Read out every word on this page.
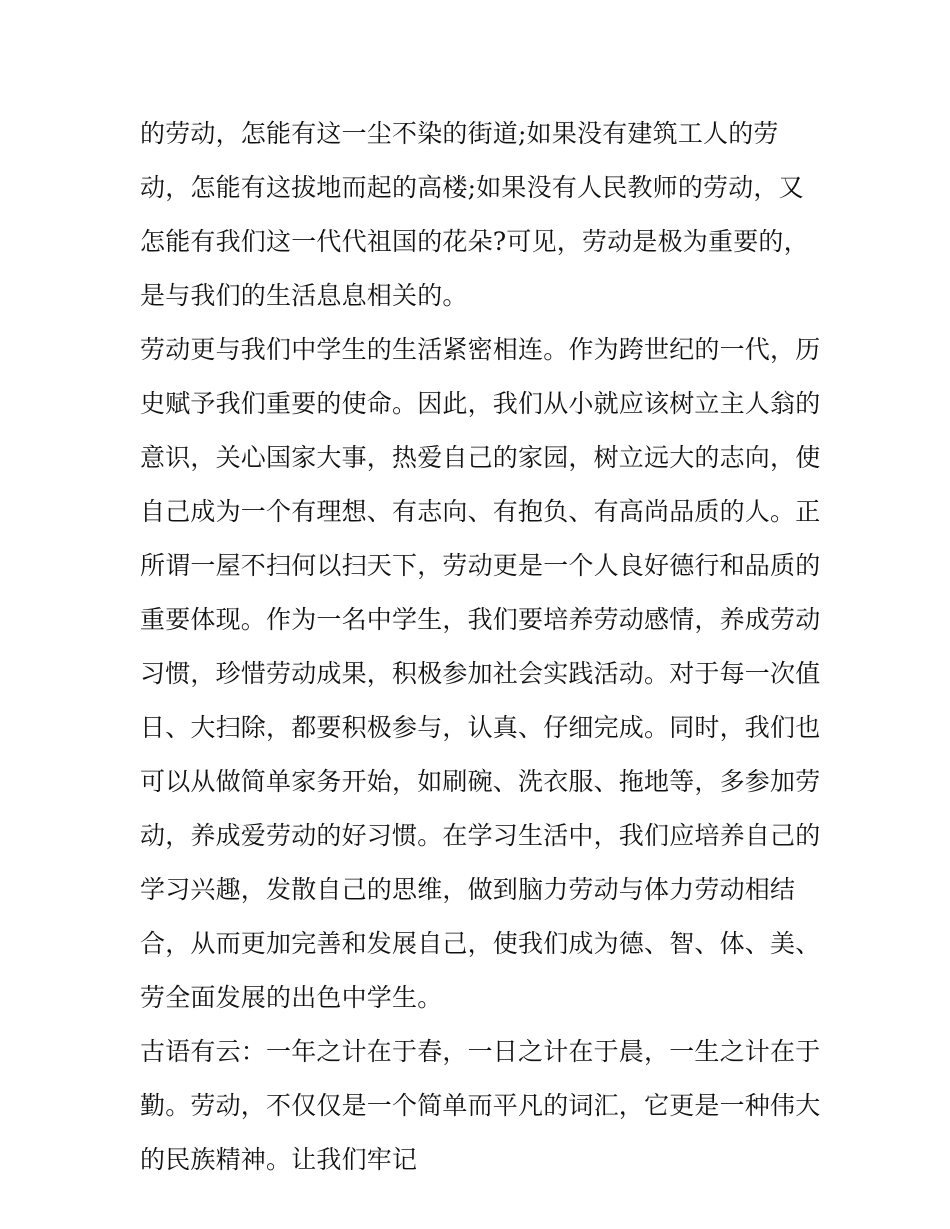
的劳动，怎能有这一尘不染的街道;如果没有建筑工人的劳
动，怎能有这拔地而起的高楼;如果没有人民教师的劳动，又
怎能有我们这一代代祖国的花朵?可见，劳动是极为重要的，
是与我们的生活息息相关的。
劳动更与我们中学生的生活紧密相连。作为跨世纪的一代，历
史赋予我们重要的使命。因此，我们从小就应该树立主人翁的
意识，关心国家大事，热爱自己的家园，树立远大的志向，使
自己成为一个有理想、有志向、有抱负、有高尚品质的人。正
所谓一屋不扫何以扫天下，劳动更是一个人良好德行和品质的
重要体现。作为一名中学生，我们要培养劳动感情，养成劳动
习惯，珍惜劳动成果，积极参加社会实践活动。对于每一次值
日、大扫除，都要积极参与，认真、仔细完成。同时，我们也
可以从做简单家务开始，如刷碗、洗衣服、拖地等，多参加劳
动，养成爱劳动的好习惯。在学习生活中，我们应培养自己的
学习兴趣，发散自己的思维，做到脑力劳动与体力劳动相结
合，从而更加完善和发展自己，使我们成为德、智、体、美、
劳全面发展的出色中学生。
古语有云：一年之计在于春，一日之计在于晨，一生之计在于
勤。劳动，不仅仅是一个简单而平凡的词汇，它更是一种伟大
的民族精神。让我们牢记
